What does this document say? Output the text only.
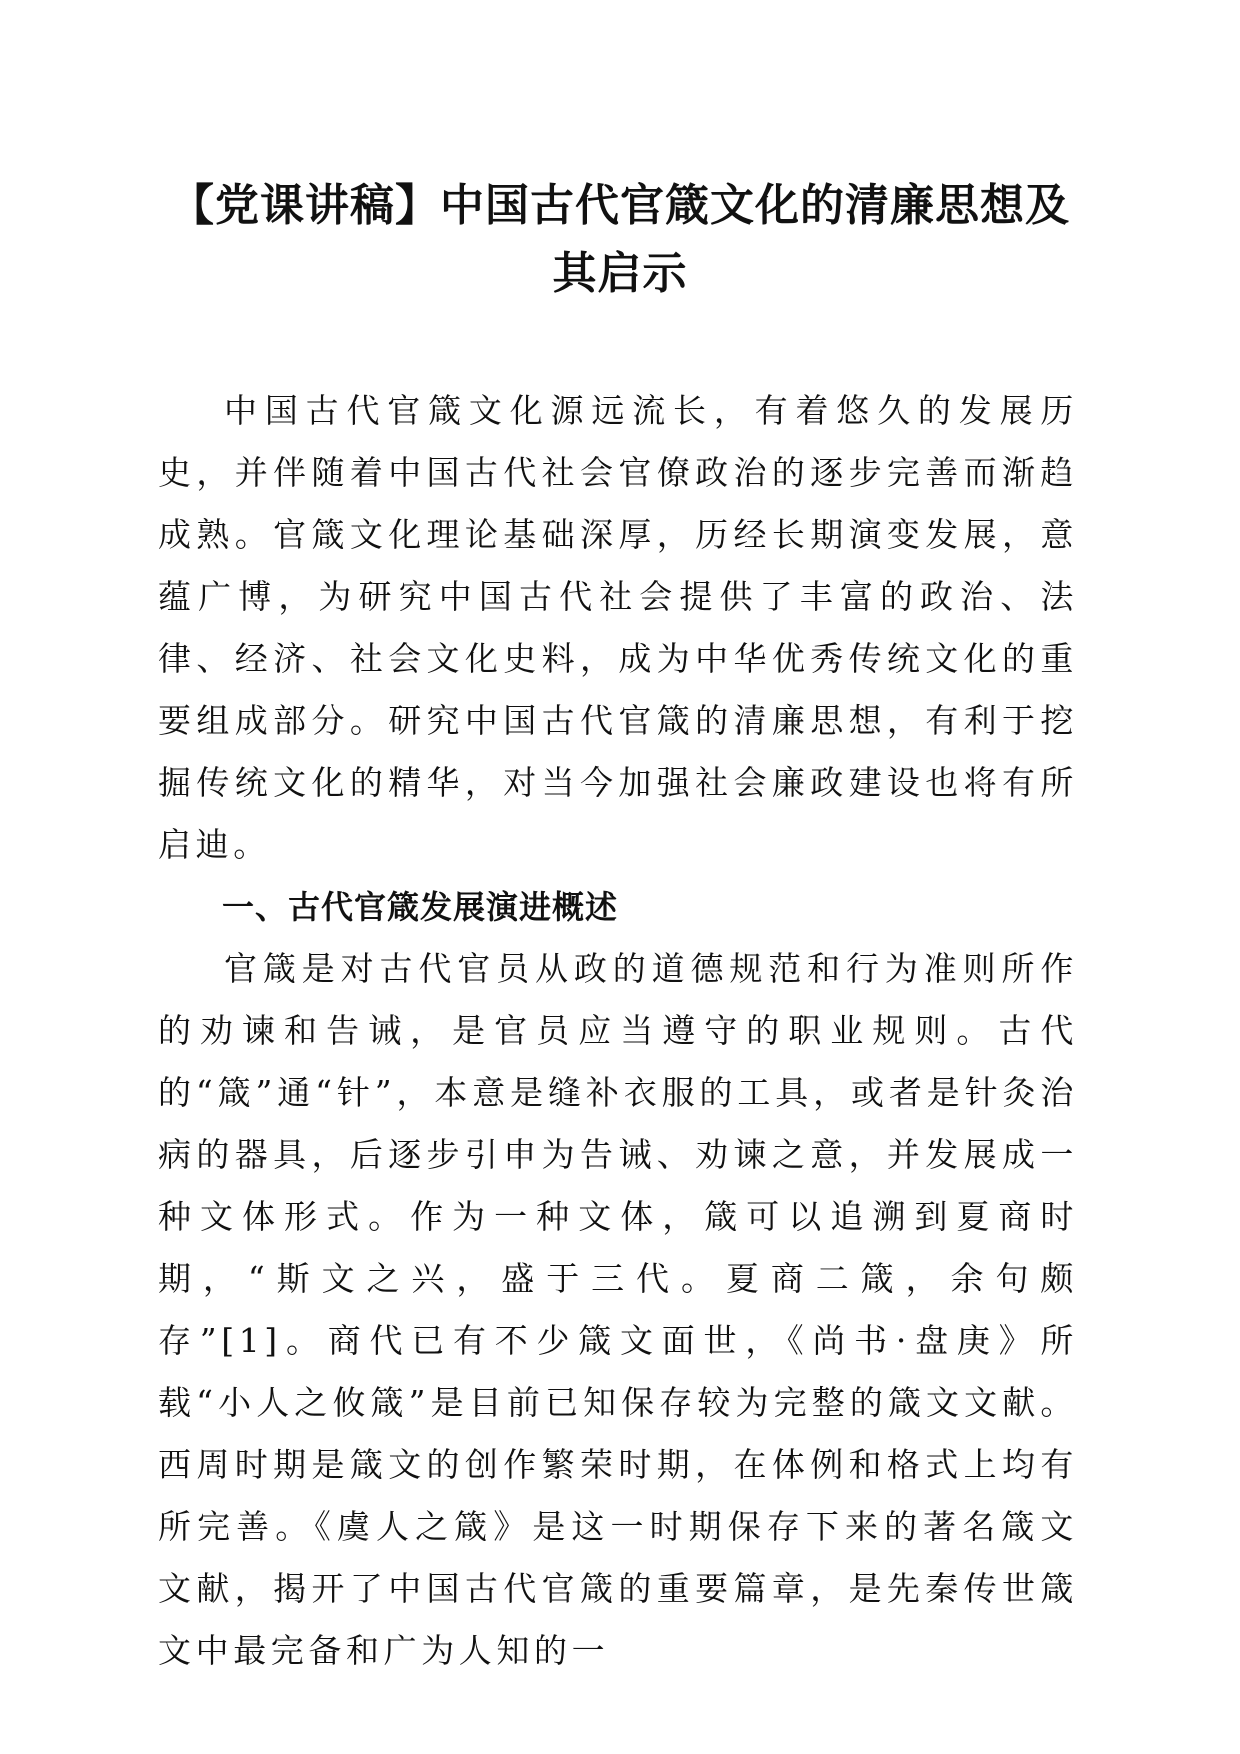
【党课讲稿】中国古代官箴文化的清廉思想及
其启示

中国古代官箴文化源远流长，有着悠久的发展历史，并伴随着中国古代社会官僚政治的逐步完善而渐趋成熟。官箴文化理论基础深厚，历经长期演变发展，意蕴广博，为研究中国古代社会提供了丰富的政治、法律、经济、社会文化史料，成为中华优秀传统文化的重要组成部分。研究中国古代官箴的清廉思想，有利于挖掘传统文化的精华，对当今加强社会廉政建设也将有所启迪。

一、古代官箴发展演进概述

官箴是对古代官员从政的道德规范和行为准则所作的劝谏和告诫，是官员应当遵守的职业规则。古代的“箴”通“针”，本意是缝补衣服的工具，或者是针灸治病的器具，后逐步引申为告诫、劝谏之意，并发展成一种文体形式。作为一种文体，箴可以追溯到夏商时期，“斯文之兴，盛于三代。夏商二箴，余句颇存”[1]。商代已有不少箴文面世，《尚书·盘庚》所载“小人之攸箴”是目前已知保存较为完整的箴文文献。西周时期是箴文的创作繁荣时期，在体例和格式上均有所完善。《虞人之箴》是这一时期保存下来的著名箴文文献，揭开了中国古代官箴的重要篇章，是先秦传世箴文中最完备和广为人知的一
